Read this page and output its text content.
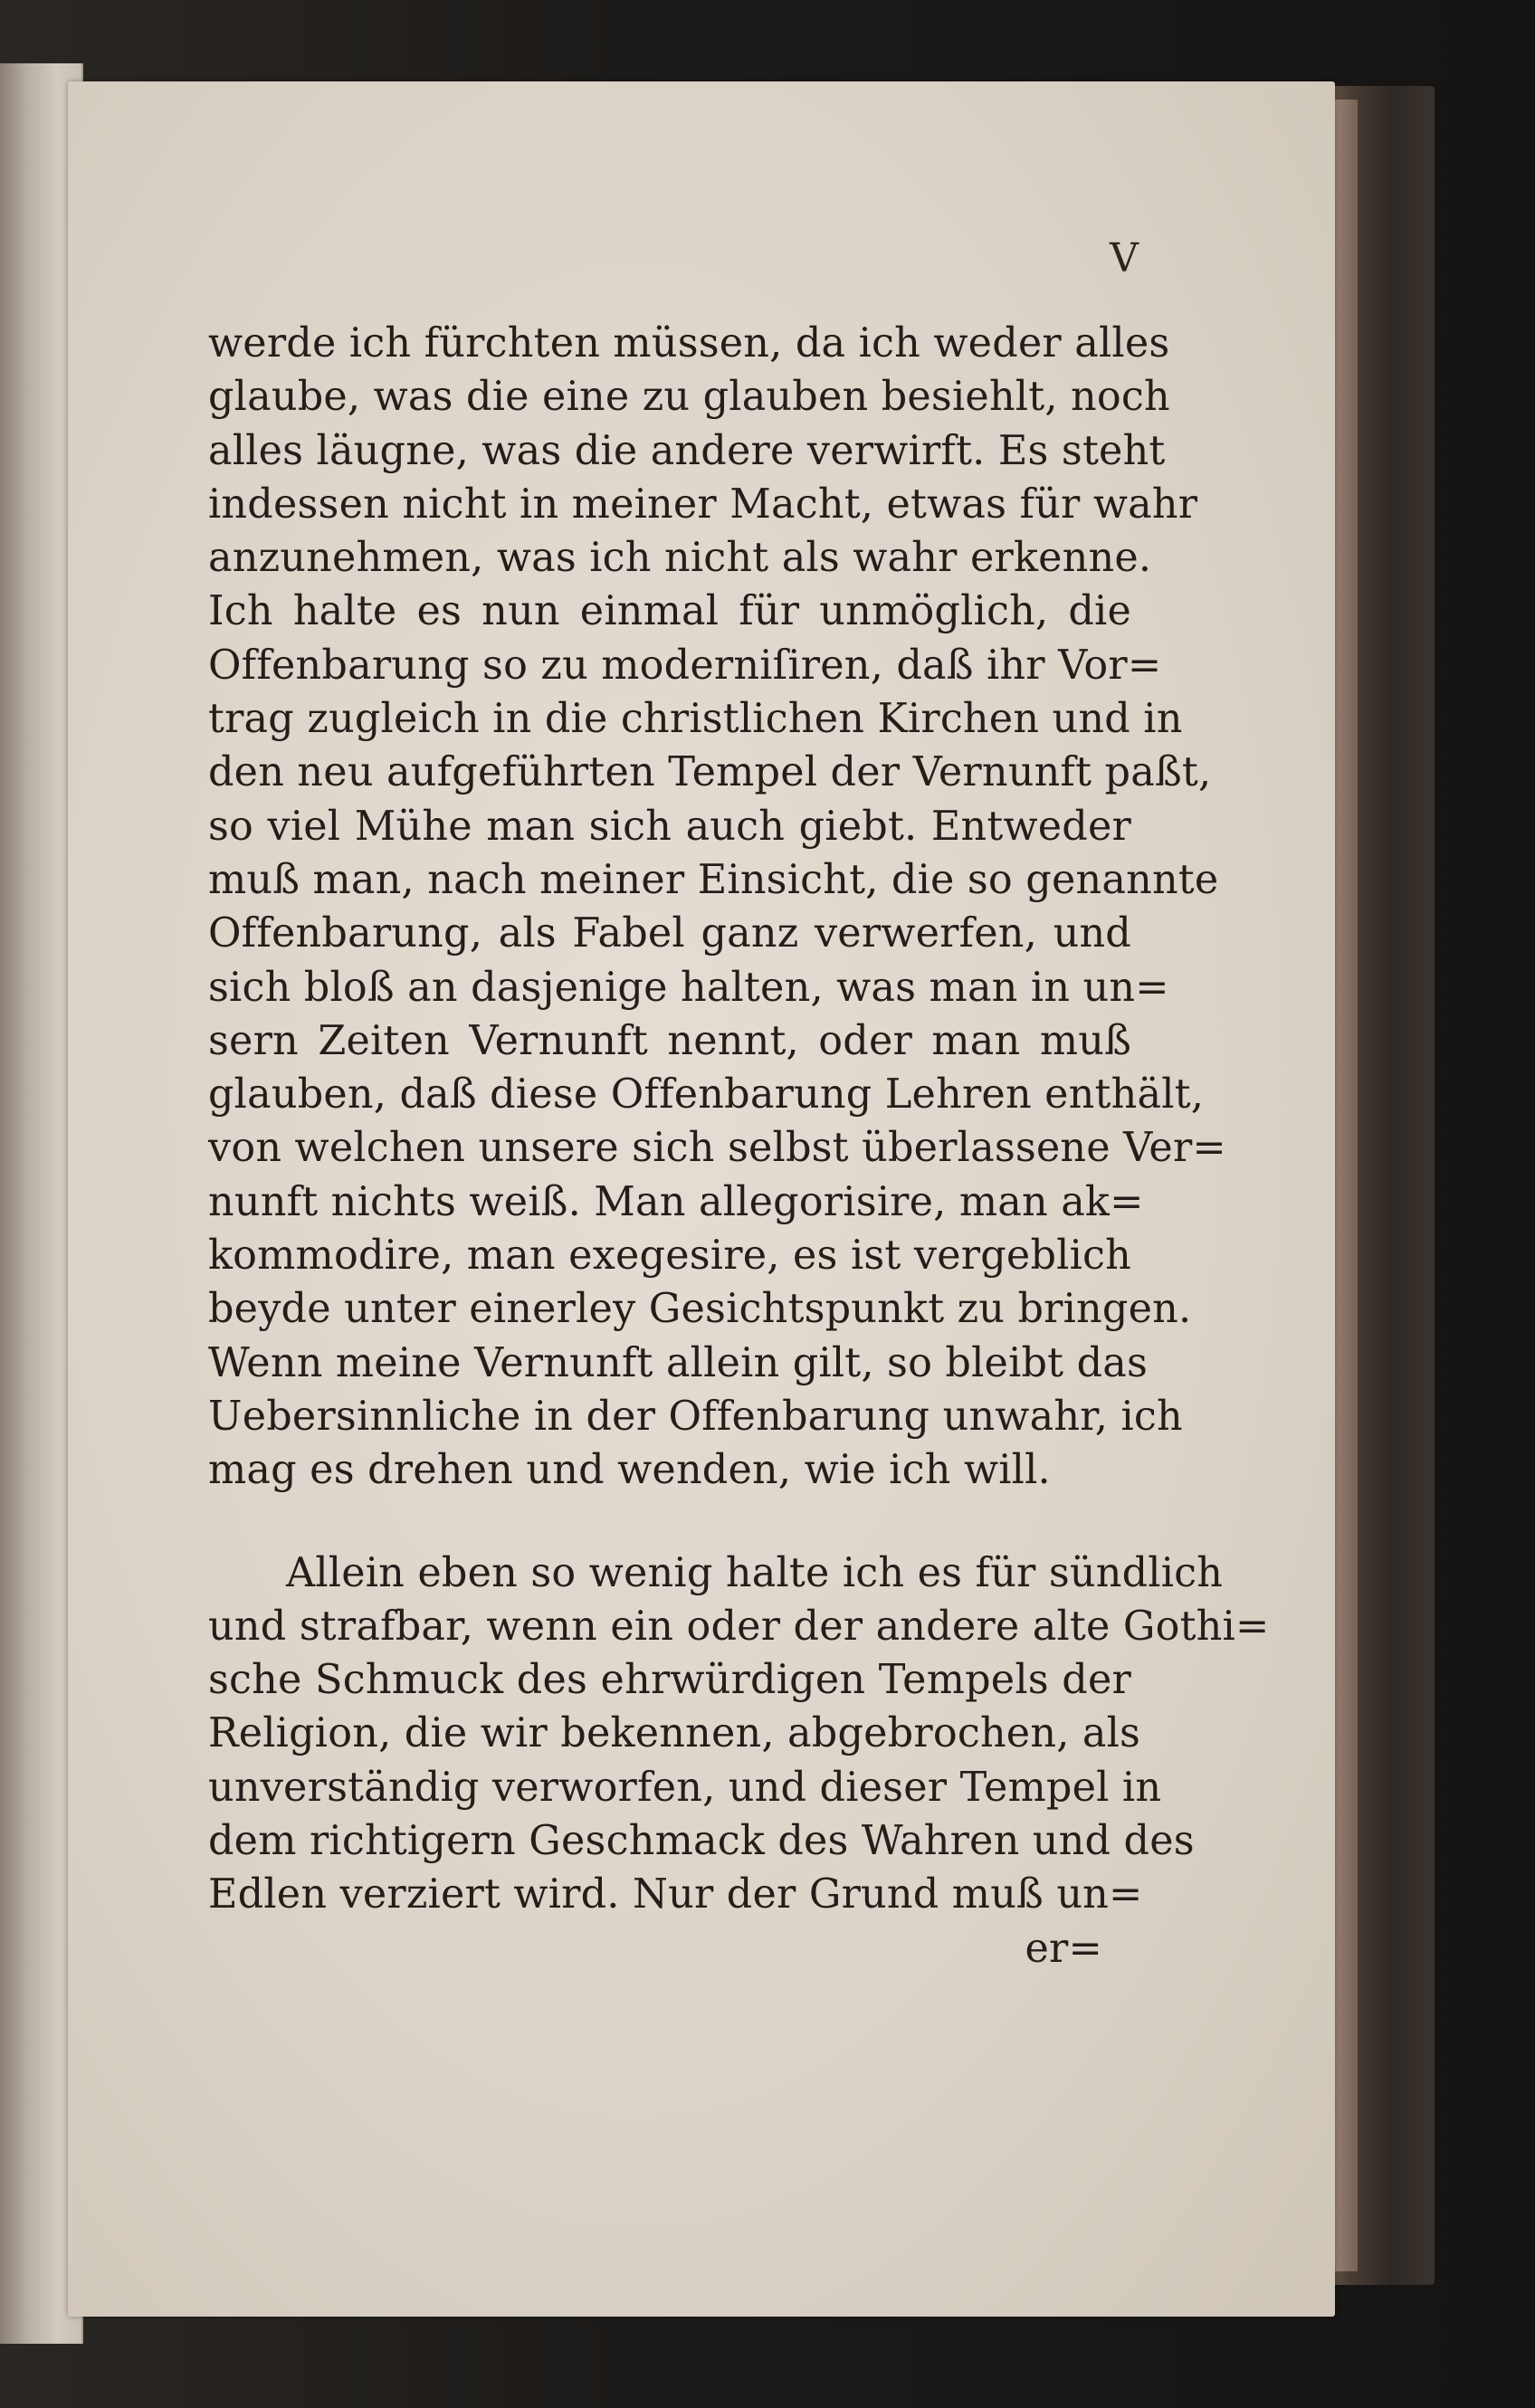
V
werde ich fürchten müssen, da ich weder alles
glaube, was die eine zu glauben besiehlt, noch
alles läugne, was die andere verwirft. Es steht
indessen nicht in meiner Macht, etwas für wahr
anzunehmen, was ich nicht als wahr erkenne.
Ich halte es nun einmal für unmöglich, die
Offenbarung so zu moderniſiren, daß ihr Vor=
trag zugleich in die christlichen Kirchen und in
den neu aufgeführten Tempel der Vernunft paßt,
so viel Mühe man sich auch giebt. Entweder
muß man, nach meiner Einsicht, die so genannte
Offenbarung, als Fabel ganz verwerfen, und
sich bloß an dasjenige halten, was man in un=
sern Zeiten Vernunft nennt, oder man muß
glauben, daß diese Offenbarung Lehren enthält,
von welchen unsere sich selbst überlassene Ver=
nunft nichts weiß. Man allegorisire, man ak=
kommodire, man exegesire, es ist vergeblich
beyde unter einerley Gesichtspunkt zu bringen.
Wenn meine Vernunft allein gilt, so bleibt das
Uebersinnliche in der Offenbarung unwahr, ich
mag es drehen und wenden, wie ich will.
Allein eben so wenig halte ich es für sündlich
und strafbar, wenn ein oder der andere alte Gothi=
sche Schmuck des ehrwürdigen Tempels der
Religion, die wir bekennen, abgebrochen, als
unverständig verworfen, und dieser Tempel in
dem richtigern Geschmack des Wahren und des
Edlen verziert wird. Nur der Grund muß un=
er=
